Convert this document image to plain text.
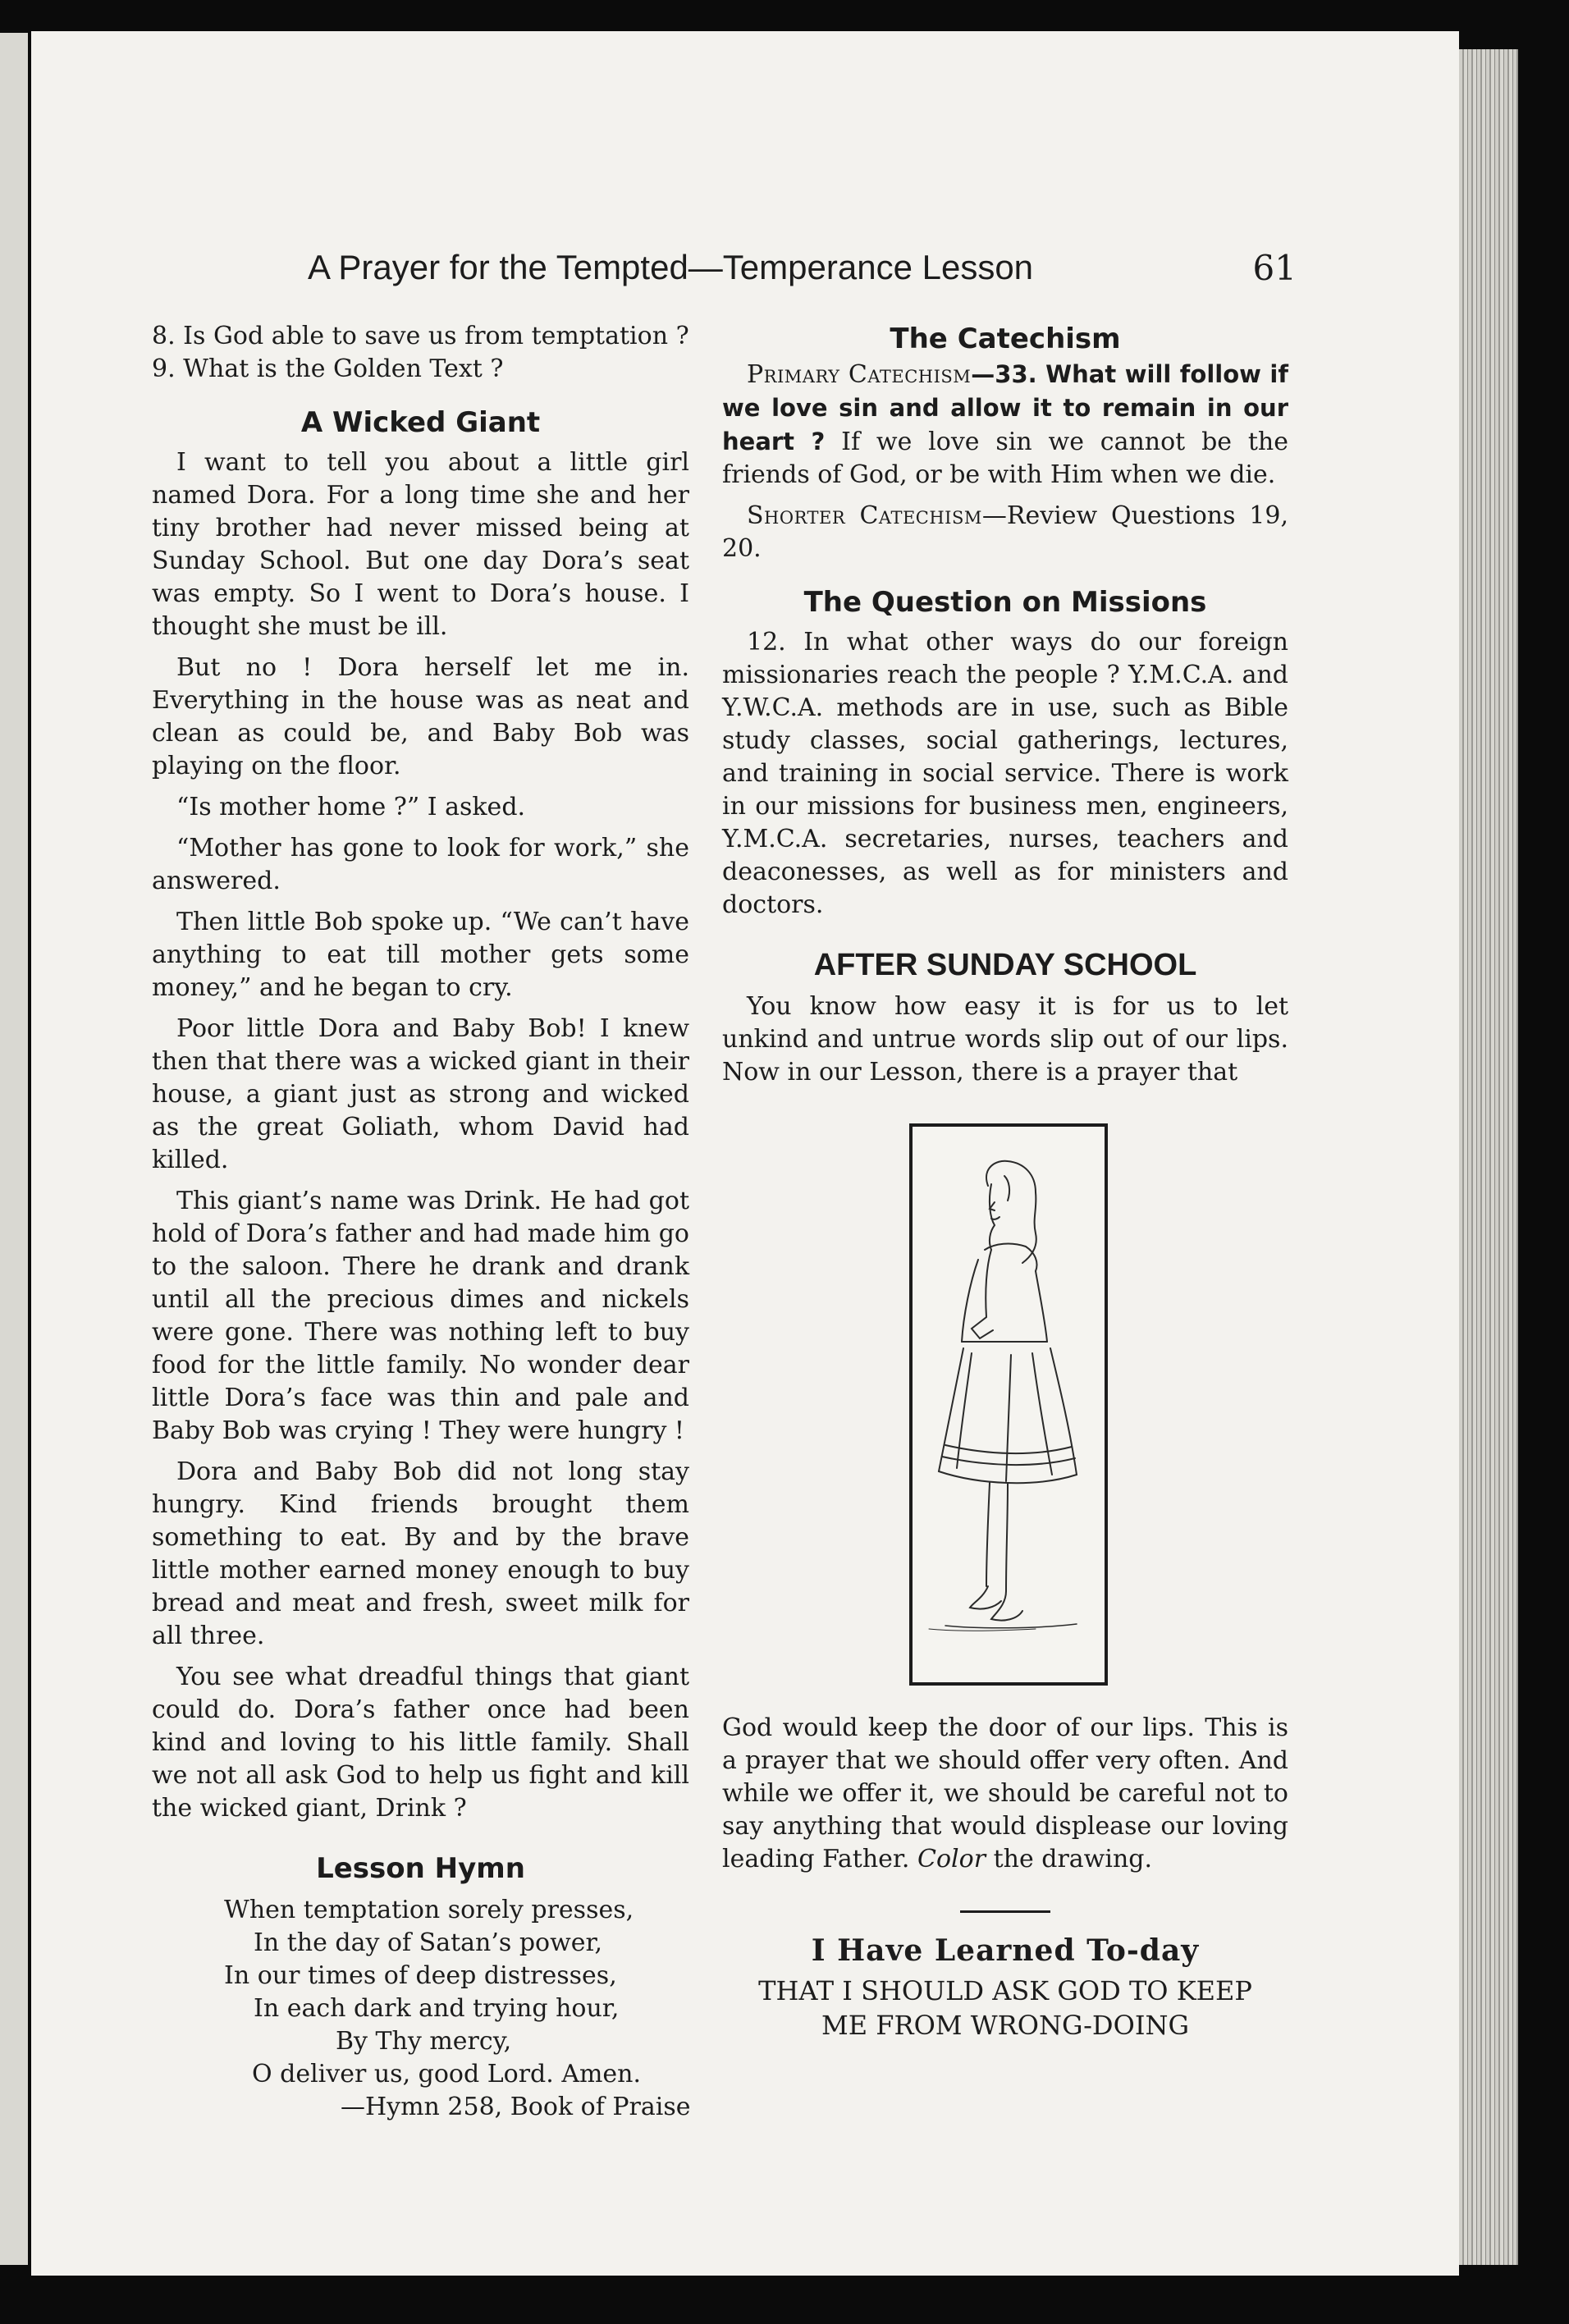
A Prayer for the Tempted—Temperance Lesson	61

8. Is God able to save us from temptation ?

9. What is the Golden Text ?

A Wicked Giant

I want to tell you about a little girl named Dora. For a long time she and her tiny brother had never missed being at Sunday School. But one day Dora’s seat was empty. So I went to Dora’s house. I thought she must be ill.

But no ! Dora herself let me in. Everything in the house was as neat and clean as could be, and Baby Bob was playing on the floor.

“Is mother home ?” I asked.

“Mother has gone to look for work,” she answered.

Then little Bob spoke up. “We can’t have anything to eat till mother gets some money,” and he began to cry.

Poor little Dora and Baby Bob! I knew then that there was a wicked giant in their house, a giant just as strong and wicked as the great Goliath, whom David had killed.

This giant’s name was Drink. He had got hold of Dora’s father and had made him go to the saloon. There he drank and drank until all the precious dimes and nickels were gone. There was nothing left to buy food for the little family. No wonder dear little Dora’s face was thin and pale and Baby Bob was crying ! They were hungry !

Dora and Baby Bob did not long stay hungry. Kind friends brought them something to eat. By and by the brave little mother earned money enough to buy bread and meat and fresh, sweet milk for all three.

You see what dreadful things that giant could do. Dora’s father once had been kind and loving to his little family. Shall we not all ask God to help us fight and kill the wicked giant, Drink ?

Lesson Hymn
When temptation sorely presses,
In the day of Satan’s power,
In our times of deep distresses,
In each dark and trying hour,
By Thy mercy,
O deliver us, good Lord. Amen.
—Hymn 258, Book of Praise
The Catechism

Primary Catechism—33. What will follow if we love sin and allow it to remain in our heart ? If we love sin we cannot be the friends of God, or be with Him when we die.

Shorter Catechism—Review Questions 19, 20.

The Question on Missions

12. In what other ways do our foreign missionaries reach the people ? Y.M.C.A. and Y.W.C.A. methods are in use, such as Bible study classes, social gatherings, lectures, and training in social service. There is work in our missions for business men, engineers, Y.M.C.A. secretaries, nurses, teachers and deaconesses, as well as for ministers and doctors.

AFTER SUNDAY SCHOOL

You know how easy it is for us to let unkind and untrue words slip out of our lips. Now in our Lesson, there is a prayer that

God would keep the door of our lips. This is a prayer that we should offer very often. And while we offer it, we should be careful not to say anything that would displease our loving leading Father. Color the drawing.

I Have Learned To-day
THAT I SHOULD ASK GOD TO KEEP
ME FROM WRONG-DOING
